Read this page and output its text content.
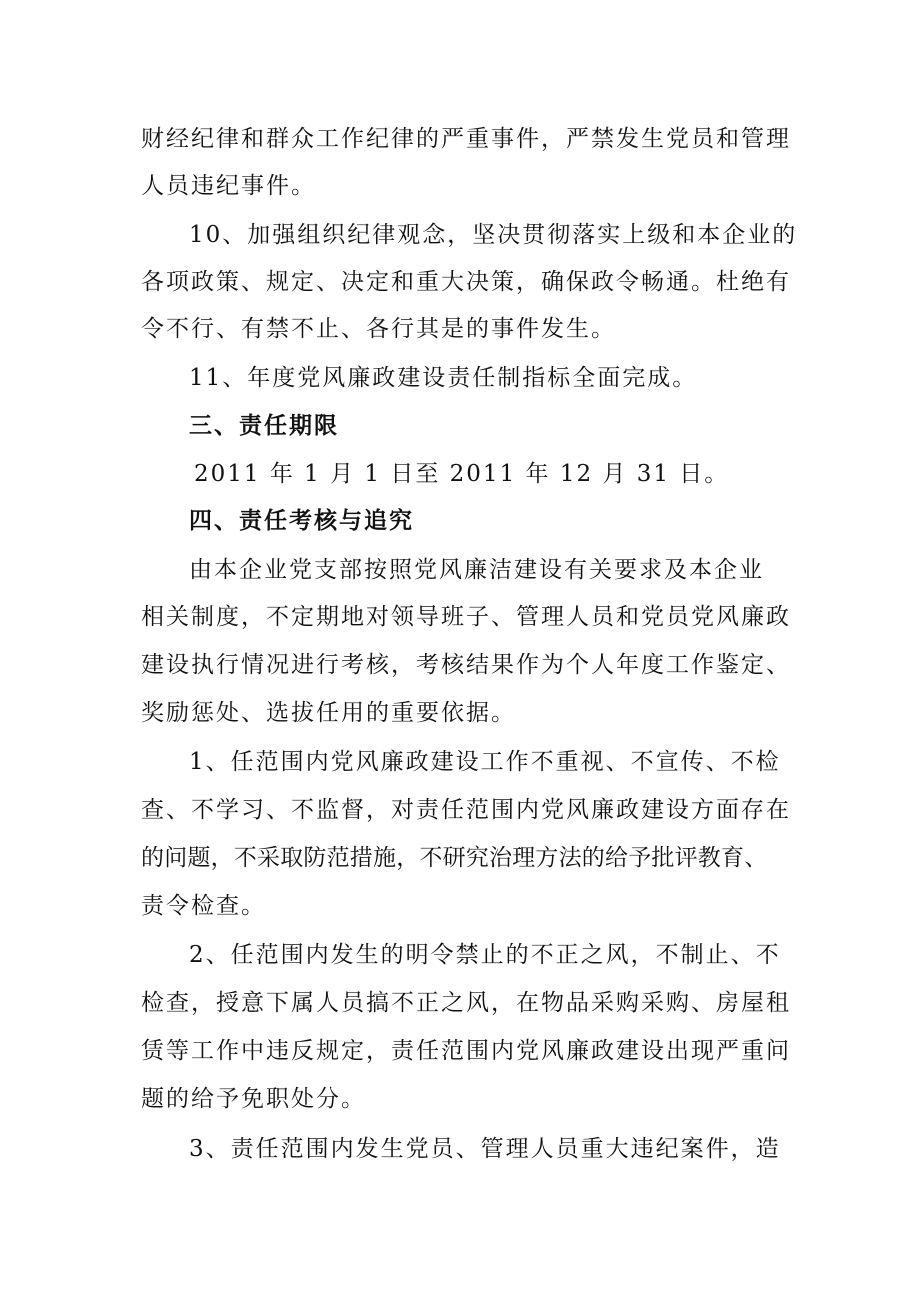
财经纪律和群众工作纪律的严重事件，严禁发生党员和管理
人员违纪事件。
10、加强组织纪律观念，坚决贯彻落实上级和本企业的
各项政策、规定、决定和重大决策，确保政令畅通。杜绝有
令不行、有禁不止、各行其是的事件发生。
11、年度党风廉政建设责任制指标全面完成。
三、责任期限
2011 年 1 月 1 日至 2011 年 12 月 31 日。
四、责任考核与追究
由本企业党支部按照党风廉洁建设有关要求及本企业
相关制度，不定期地对领导班子、管理人员和党员党风廉政
建设执行情况进行考核，考核结果作为个人年度工作鉴定、
奖励惩处、选拔任用的重要依据。
1、任范围内党风廉政建设工作不重视、不宣传、不检
查、不学习、不监督，对责任范围内党风廉政建设方面存在
的问题，不采取防范措施，不研究治理方法的给予批评教育、
责令检查。
2、任范围内发生的明令禁止的不正之风，不制止、不
检查，授意下属人员搞不正之风，在物品采购采购、房屋租
赁等工作中违反规定，责任范围内党风廉政建设出现严重问
题的给予免职处分。
3、责任范围内发生党员、管理人员重大违纪案件，造
